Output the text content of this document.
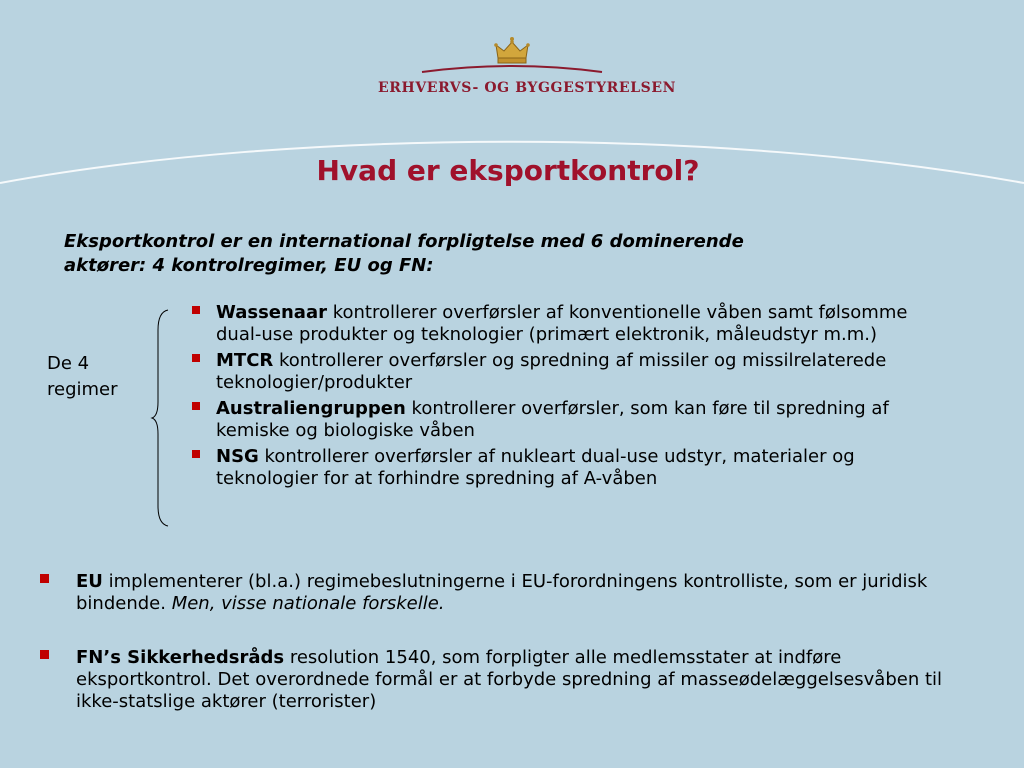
ERHVERVS- OG BYGGESTYRELSEN
Hvad er eksportkontrol?
Eksportkontrol er en international forpligtelse med 6 dominerende aktører: 4 kontrolregimer, EU og FN:
De 4 regimer
Wassenaar kontrollerer overførsler af konventionelle våben samt følsomme dual-use produkter og teknologier (primært elektronik, måleudstyr m.m.)
MTCR kontrollerer overførsler og spredning af missiler og missilrelaterede teknologier/produkter
Australiengruppen kontrollerer overførsler, som kan føre til spredning af kemiske og biologiske våben
NSG kontrollerer overførsler af nukleart dual-use udstyr, materialer og teknologier for at forhindre spredning af A-våben
EU implementerer (bl.a.) regimebeslutningerne i EU-forordningens kontrolliste, som er juridisk bindende. Men, visse nationale forskelle.
FN’s Sikkerhedsråds resolution 1540, som forpligter alle medlemsstater at indføre eksportkontrol. Det overordnede formål er at forbyde spredning af masseødelæggelsesvåben til ikke-statslige aktører (terrorister)
